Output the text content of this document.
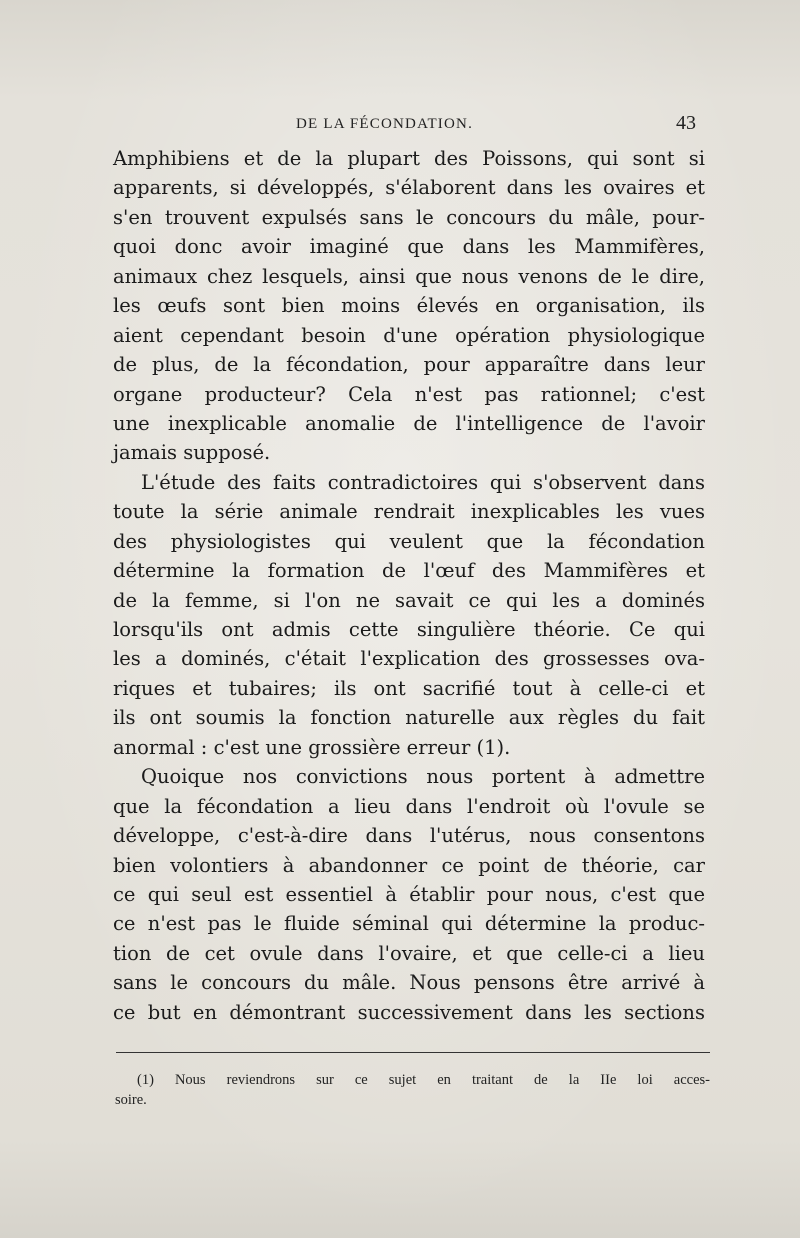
DE LA FÉCONDATION.	43
Amphibiens et de la plupart des Poissons, qui sont si
apparents, si développés, s'élaborent dans les ovaires et
s'en trouvent expulsés sans le concours du mâle, pour-
quoi donc avoir imaginé que dans les Mammifères,
animaux chez lesquels, ainsi que nous venons de le dire,
les œufs sont bien moins élevés en organisation, ils
aient cependant besoin d'une opération physiologique
de plus, de la fécondation, pour apparaître dans leur
organe producteur? Cela n'est pas rationnel; c'est
une inexplicable anomalie de l'intelligence de l'avoir
jamais supposé.
L'étude des faits contradictoires qui s'observent dans
toute la série animale rendrait inexplicables les vues
des physiologistes qui veulent que la fécondation
détermine la formation de l'œuf des Mammifères et
de la femme, si l'on ne savait ce qui les a dominés
lorsqu'ils ont admis cette singulière théorie. Ce qui
les a dominés, c'était l'explication des grossesses ova-
riques et tubaires; ils ont sacrifié tout à celle-ci et
ils ont soumis la fonction naturelle aux règles du fait
anormal : c'est une grossière erreur (1).
Quoique nos convictions nous portent à admettre
que la fécondation a lieu dans l'endroit où l'ovule se
développe, c'est-à-dire dans l'utérus, nous consentons
bien volontiers à abandonner ce point de théorie, car
ce qui seul est essentiel à établir pour nous, c'est que
ce n'est pas le fluide séminal qui détermine la produc-
tion de cet ovule dans l'ovaire, et que celle-ci a lieu
sans le concours du mâle. Nous pensons être arrivé à
ce but en démontrant successivement dans les sections
(1) Nous reviendrons sur ce sujet en traitant de la IIe loi acces-
soire.
